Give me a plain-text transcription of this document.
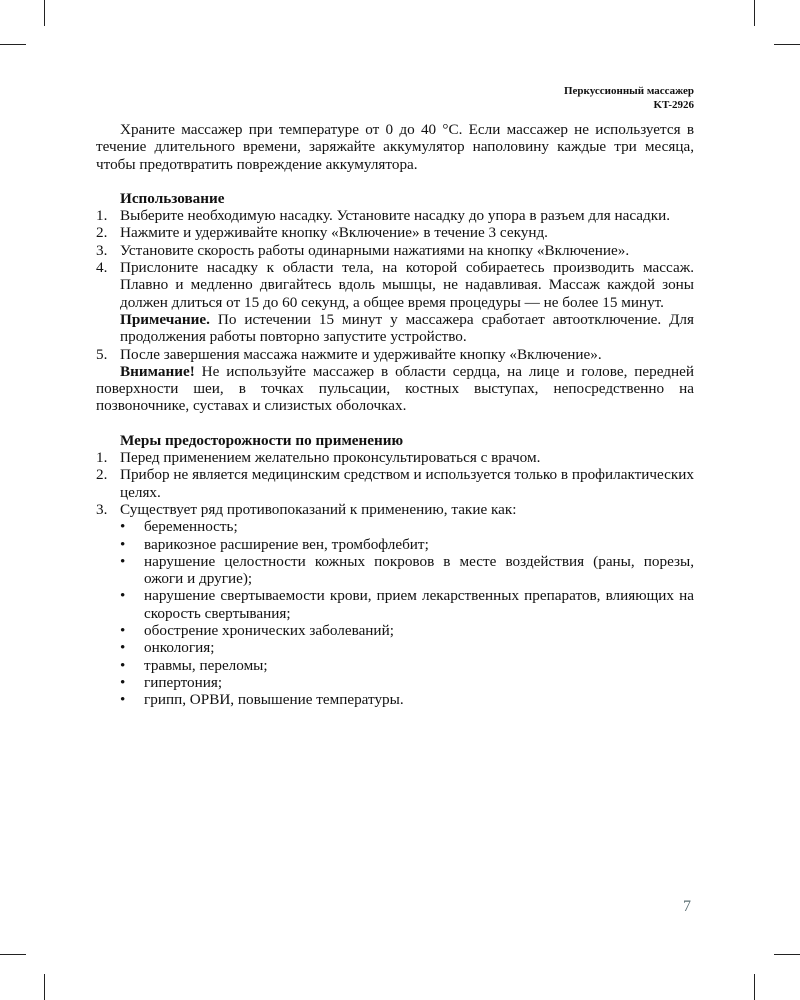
Перкуссионный массажер
KT-2926

Храните массажер при температуре от 0 до 40 °C. Если массажер не используется в течение длительного времени, заряжайте аккумулятор наполовину каждые три месяца, чтобы предотвратить повреждение аккумулятора.

Использование
1. Выберите необходимую насадку. Установите насадку до упора в разъем для насадки.
2. Нажмите и удерживайте кнопку «Включение» в течение 3 секунд.
3. Установите скорость работы одинарными нажатиями на кнопку «Включение».
4. Прислоните насадку к области тела, на которой собираетесь производить массаж. Плавно и медленно двигайтесь вдоль мышцы, не надавливая. Массаж каждой зоны должен длиться от 15 до 60 секунд, а общее время процедуры — не более 15 минут.
Примечание. По истечении 15 минут у массажера сработает автоотключение. Для продолжения работы повторно запустите устройство.
5. После завершения массажа нажмите и удерживайте кнопку «Включение».

Внимание! Не используйте массажер в области сердца, на лице и голове, передней поверхности шеи, в точках пульсации, костных выступах, непосредственно на позвоночнике, суставах и слизистых оболочках.

Меры предосторожности по применению
1. Перед применением желательно проконсультироваться с врачом.
2. Прибор не является медицинским средством и используется только в профилактических целях.
3. Существует ряд противопоказаний к применению, такие как:
•	беременность;
•	варикозное расширение вен, тромбофлебит;
•	нарушение целостности кожных покровов в месте воздействия (раны, порезы, ожоги и другие);
•	нарушение свертываемости крови, прием лекарственных препаратов, влияющих на скорость свертывания;
•	обострение хронических заболеваний;
•	онкология;
•	травмы, переломы;
•	гипертония;
•	грипп, ОРВИ, повышение температуры.
7
